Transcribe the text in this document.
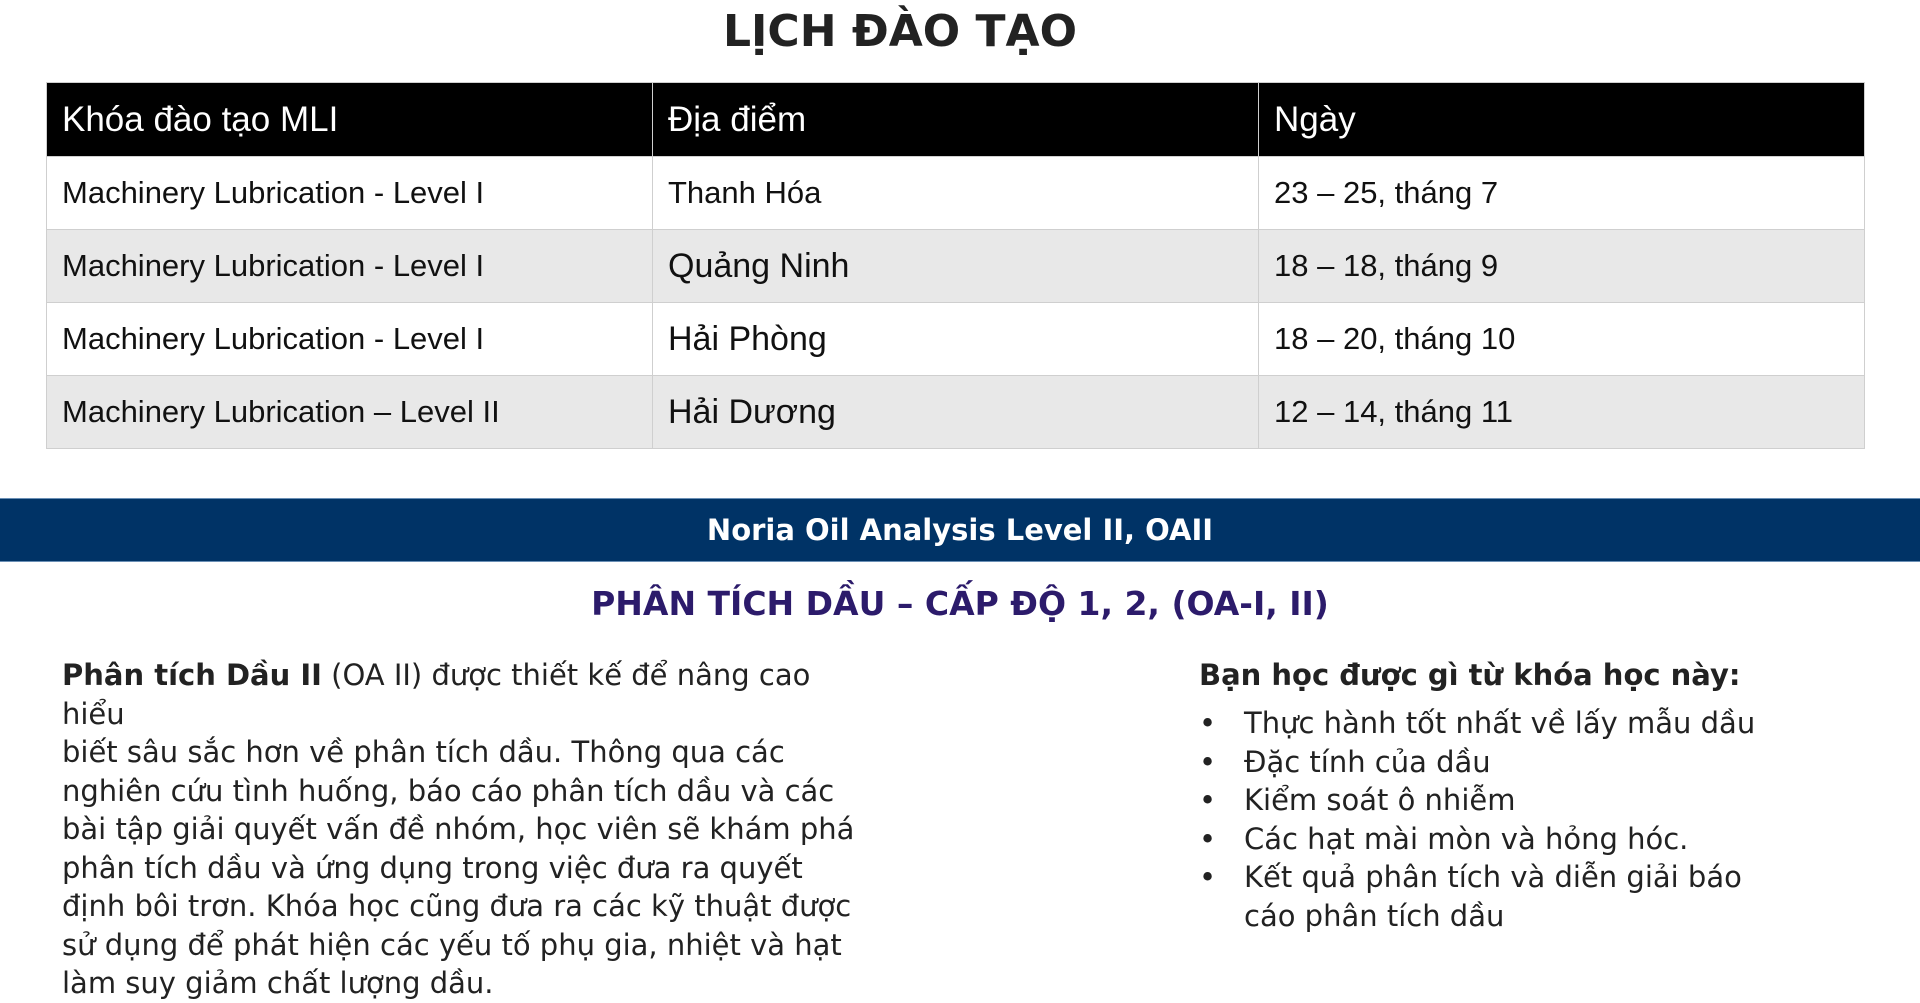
LỊCH ĐÀO TẠO
Khóa đào tạo MLI	Địa điểm	Ngày
Machinery Lubrication - Level I	Thanh Hóa	23 – 25, tháng 7
Machinery Lubrication - Level I	Quảng Ninh	18 – 18, tháng 9
Machinery Lubrication - Level I	Hải Phòng	18 – 20, tháng 10
Machinery Lubrication – Level II	Hải Dương	12 – 14, tháng 11
Noria Oil Analysis Level II, OAII
PHÂN TÍCH DẦU – CẤP ĐỘ 1, 2, (OA-I, II)

Phân tích Dầu II (OA II) được thiết kế để nâng cao hiểu
biết sâu sắc hơn về phân tích dầu. Thông qua các
nghiên cứu tình huống, báo cáo phân tích dầu và các
bài tập giải quyết vấn đề nhóm, học viên sẽ khám phá
phân tích dầu và ứng dụng trong việc đưa ra quyết
định bôi trơn. Khóa học cũng đưa ra các kỹ thuật được
sử dụng để phát hiện các yếu tố phụ gia, nhiệt và hạt
làm suy giảm chất lượng dầu.

Bạn học được gì từ khóa học này:

• Thực hành tốt nhất về lấy mẫu dầu
• Đặc tính của dầu
• Kiểm soát ô nhiễm
• Các hạt mài mòn và hỏng hóc.
• Kết quả phân tích và diễn giải báo cáo phân tích dầu
